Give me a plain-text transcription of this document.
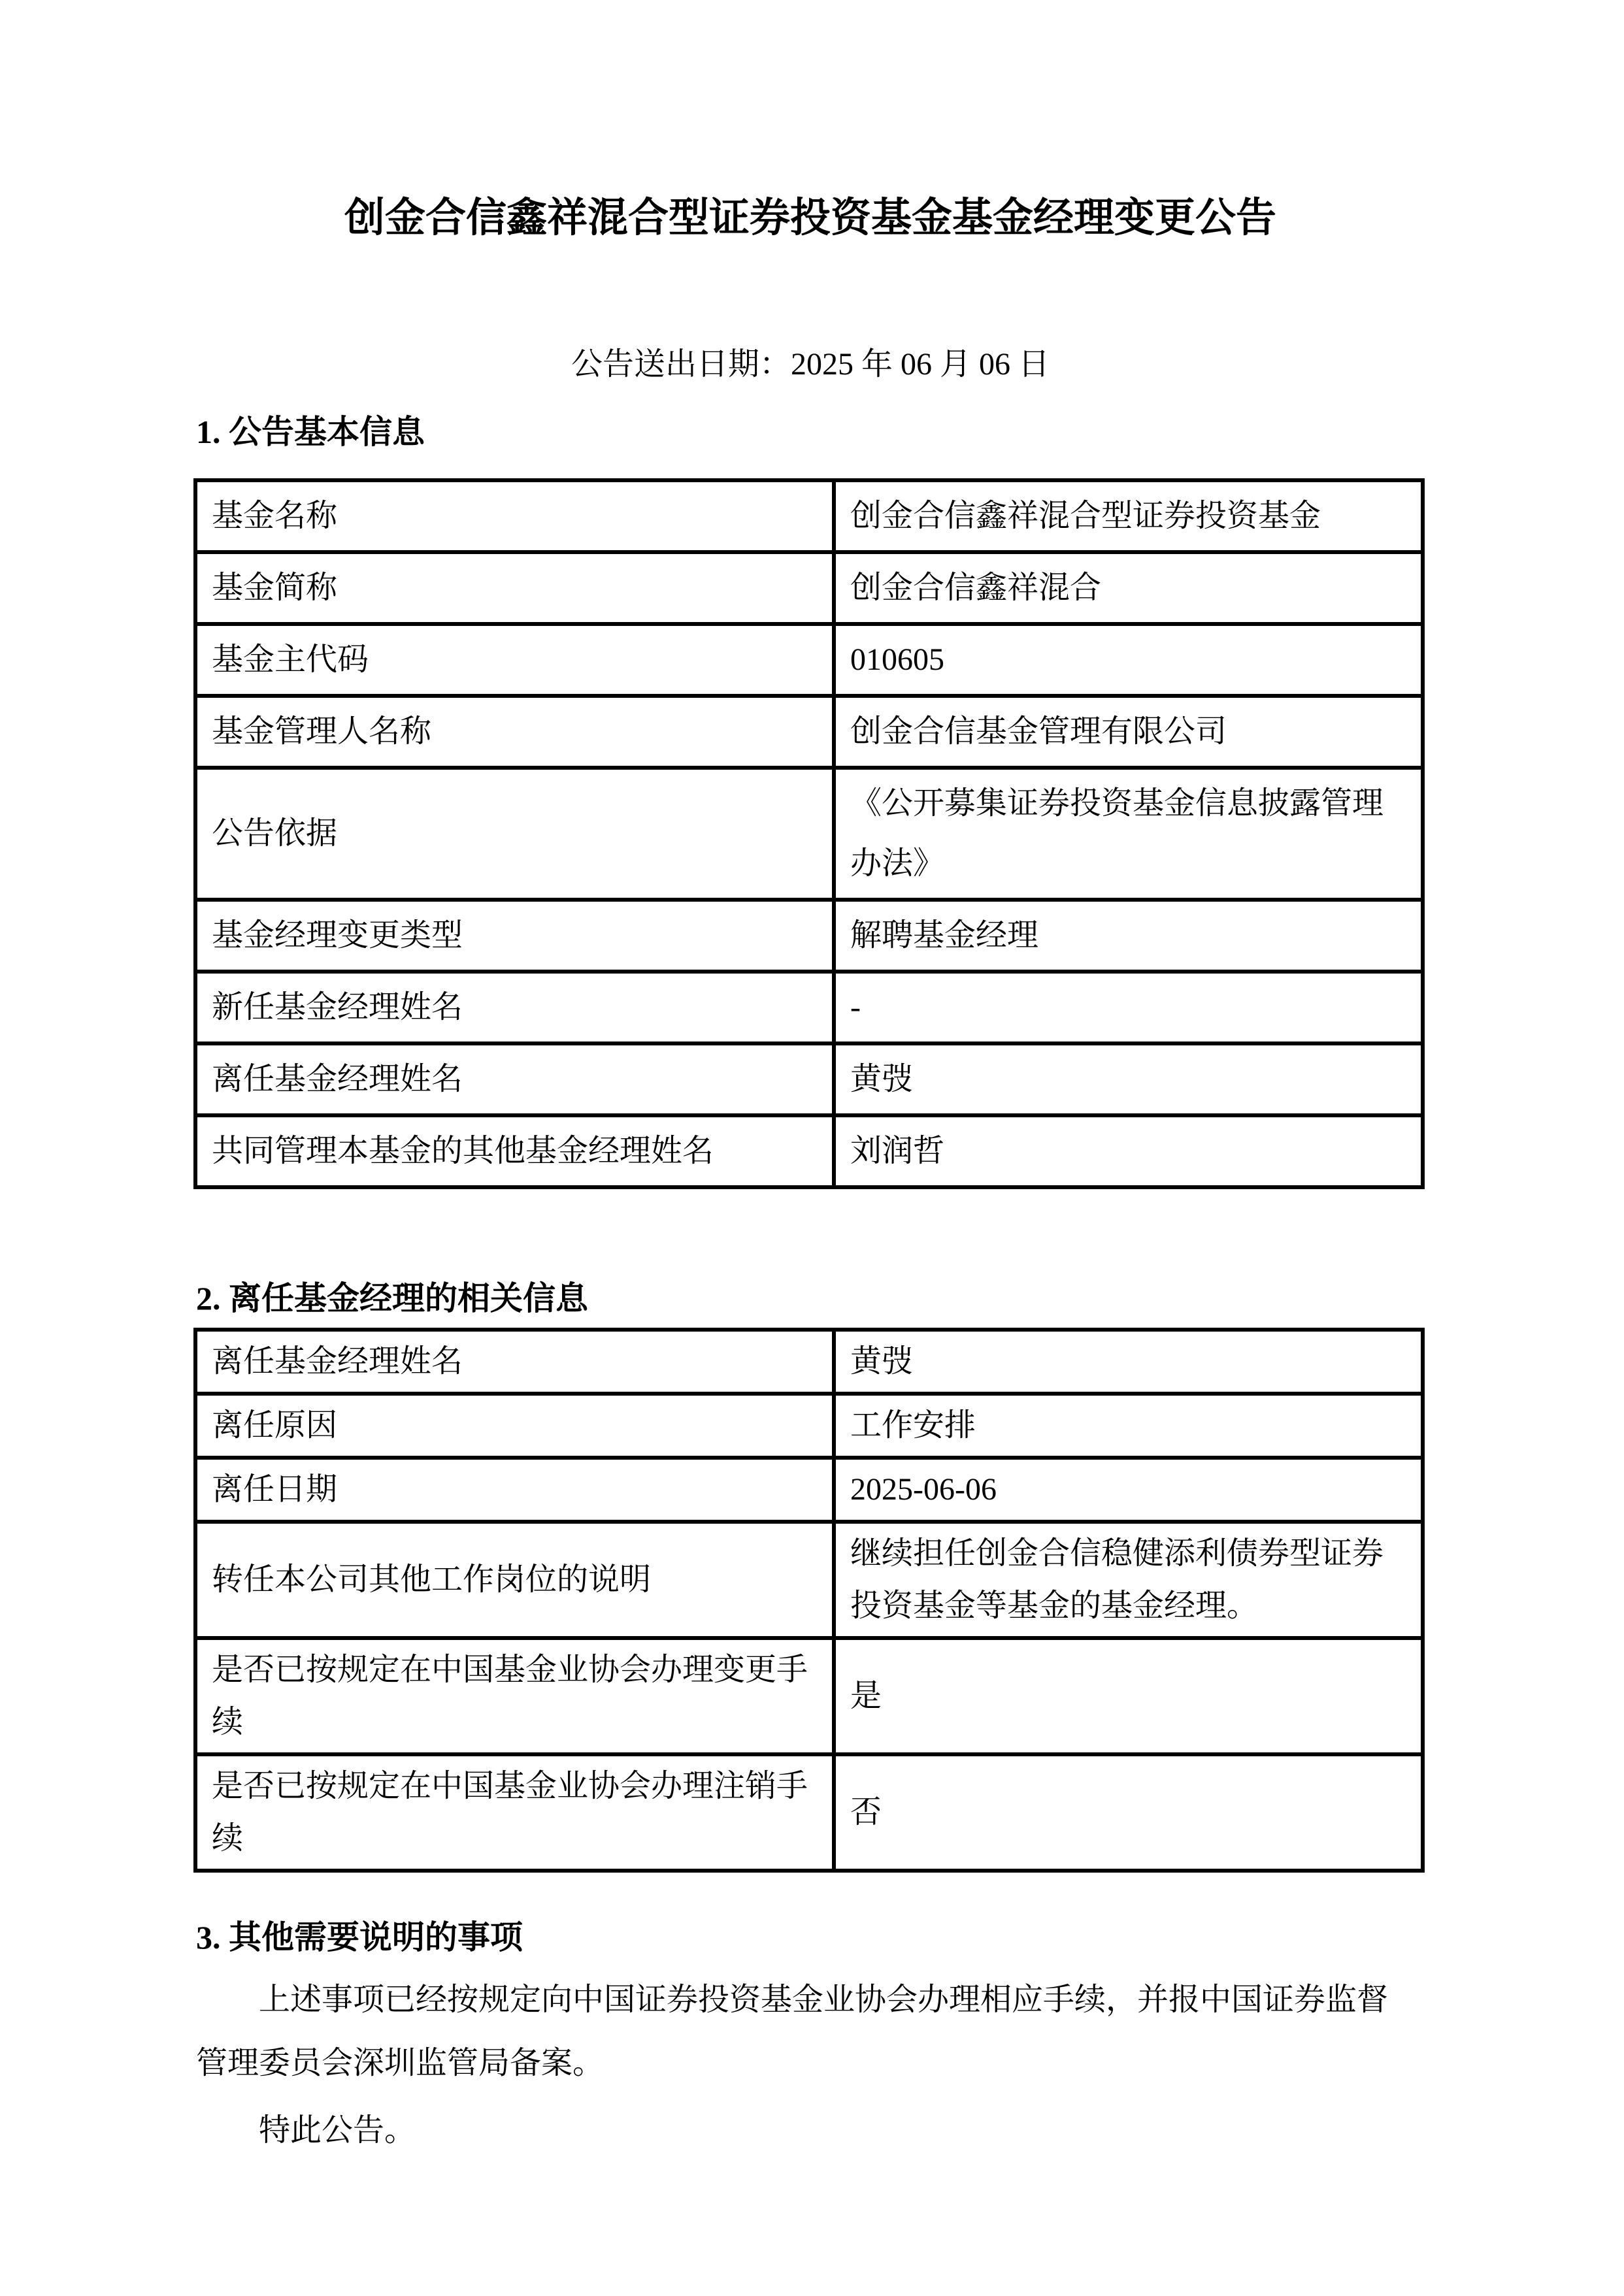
创金合信鑫祥混合型证券投资基金基金经理变更公告
公告送出日期：2025 年 06 月 06 日
1. 公告基本信息
基金名称	创金合信鑫祥混合型证券投资基金
基金简称	创金合信鑫祥混合
基金主代码	010605
基金管理人名称	创金合信基金管理有限公司
公告依据	《公开募集证券投资基金信息披露管理办法》
基金经理变更类型	解聘基金经理
新任基金经理姓名	-
离任基金经理姓名	黄弢
共同管理本基金的其他基金经理姓名	刘润哲
2. 离任基金经理的相关信息
离任基金经理姓名	黄弢
离任原因	工作安排
离任日期	2025-06-06
转任本公司其他工作岗位的说明	继续担任创金合信稳健添利债券型证券投资基金等基金的基金经理。
是否已按规定在中国基金业协会办理变更手续	是
是否已按规定在中国基金业协会办理注销手续	否
3. 其他需要说明的事项

上述事项已经按规定向中国证券投资基金业协会办理相应手续，并报中国证券监督管理委员会深圳监管局备案。

特此公告。
